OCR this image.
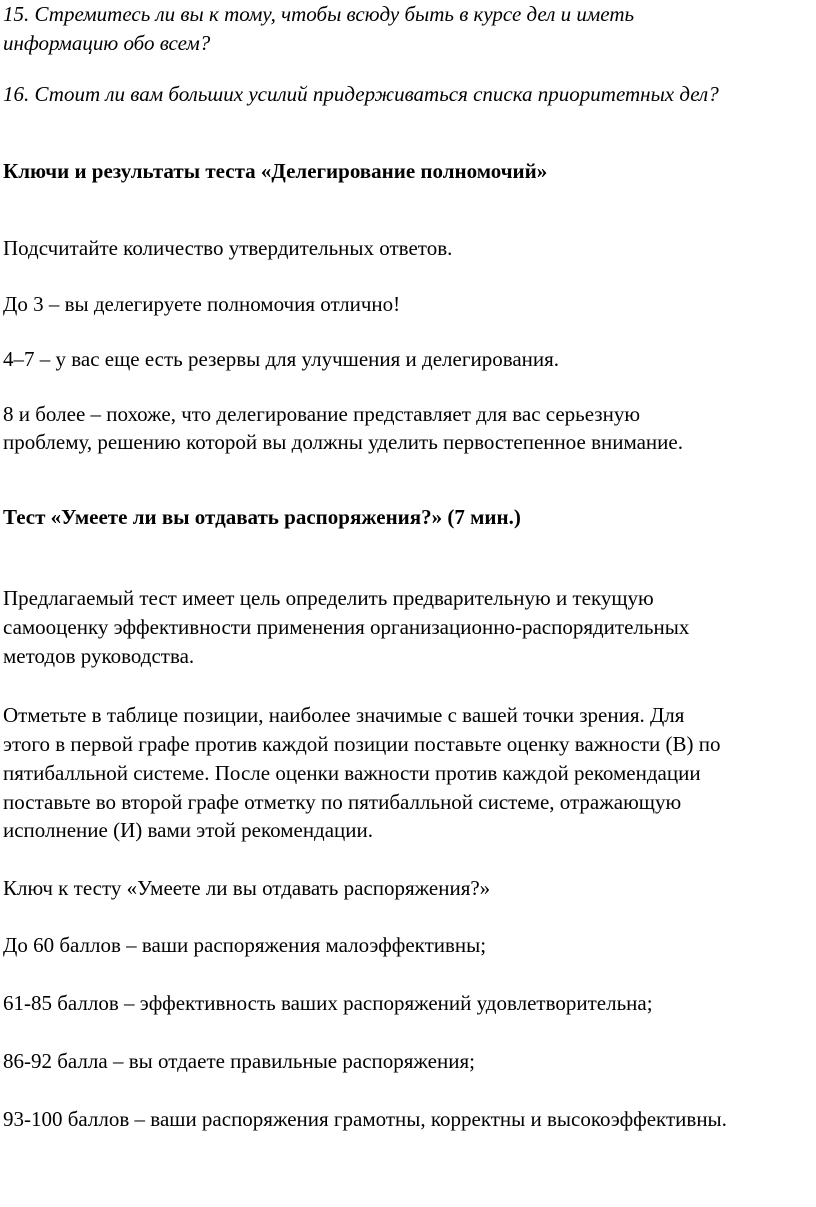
15. Стремитесь ли вы к тому, чтобы всюду быть в курсе дел и иметь
информацию обо всем?
16. Стоит ли вам больших усилий придерживаться списка приоритетных дел?
Ключи и результаты теста «Делегирование полномочий»
Подсчитайте количество утвердительных ответов.
До 3 – вы делегируете полномочия отлично!
4–7 – у вас еще есть резервы для улучшения и делегирования.
8 и более – похоже, что делегирование представляет для вас серьезную
проблему, решению которой вы должны уделить первостепенное внимание.
Тест «Умеете ли вы отдавать распоряжения?» (7 мин.)
Предлагаемый тест имеет цель определить предварительную и текущую
самооценку эффективности применения организационно-распорядительных
методов руководства.
Отметьте в таблице позиции, наиболее значимые с вашей точки зрения. Для
этого в первой графе против каждой позиции поставьте оценку важности (В) по
пятибалльной системе. После оценки важности против каждой рекомендации
поставьте во второй графе отметку по пятибалльной системе, отражающую
исполнение (И) вами этой рекомендации.
Ключ к тесту «Умеете ли вы отдавать распоряжения?»
До 60 баллов – ваши распоряжения малоэффективны;
61-85 баллов – эффективность ваших распоряжений удовлетворительна;
86-92 балла – вы отдаете правильные распоряжения;
93-100 баллов – ваши распоряжения грамотны, корректны и высокоэффективны.
